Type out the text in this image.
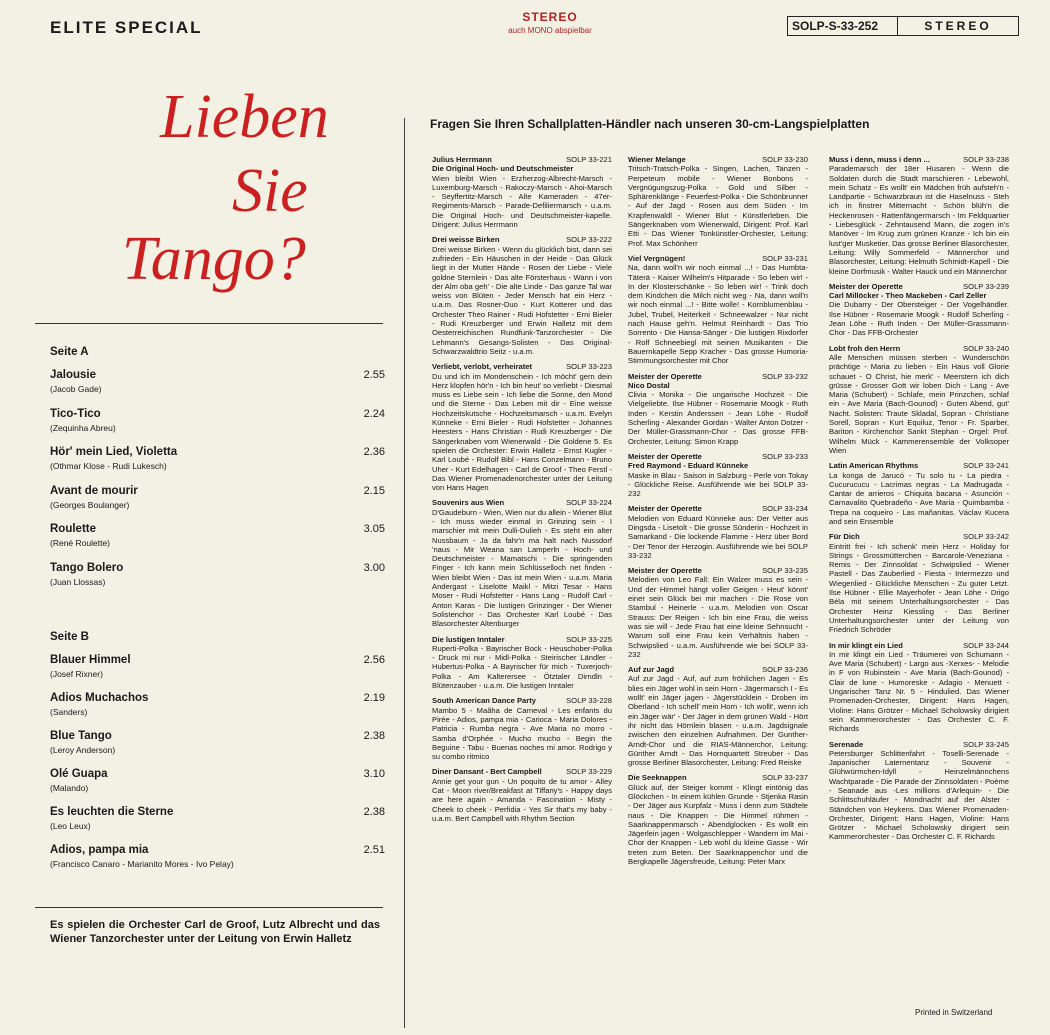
ELITE SPECIAL
STEREO
auch MONO abspielbar	SOLP-S-33-252	STEREO
Lieben
Sie
Tango?
Seite A
Jalousie	2.55
(Jacob Gade)
Tico-Tico	2.24
(Zequinha Abreu)
Hör' mein Lied, Violetta	2.36
(Othmar Klose - Rudi Lukesch)
Avant de mourir	2.15
(Georges Boulanger)
Roulette	3.05
(René Roulette)
Tango Bolero	3.00
(Juan Llossas)
Seite B
Blauer Himmel	2.56
(Josef Rixner)
Adios Muchachos	2.19
(Sanders)
Blue Tango	2.38
(Leroy Anderson)
Olé Guapa	3.10
(Malando)
Es leuchten die Sterne	2.38
(Leo Leux)
Adios, pampa mia	2.51
(Francisco Canaro - Marianito Mores - Ivo Pelay)
Es spielen die Orchester Carl de Groof, Lutz Albrecht und das Wiener Tanzorchester unter der Leitung von Erwin Halletz
Fragen Sie Ihren Schallplatten-Händler nach unseren 30-cm-Langspielplatten
Julius Herrmann	SOLP 33-221
Die Original Hoch- und Deutschmeister
Wien bleibt Wien - Erzherzog-Albrecht-Marsch - Luxemburg-Marsch - Rakoczy-Marsch - Ahoi-Marsch - Seyffertitz-Marsch - Alte Kameraden - 47er-Regiments-Marsch - Parade-Defiliermarsch - u.a.m. Die Original Hoch- und Deutschmeister-kapelle. Dirigent: Julius Herrmann
Drei weisse Birken	SOLP 33-222
Drei weisse Birken - Wenn du glücklich bist, dann sei zufrieden - Ein Häuschen in der Heide - Das Glück liegt in der Mutter Hände - Rosen der Liebe - Viele goldne Sternlein - Das alte Försterhaus - Wann i von der Alm oba geh' - Die alte Linde - Das ganze Tal war weiss von Blüten - Jeder Mensch hat ein Herz - u.a.m. Das Rosner-Duo - Kurt Kotterer und das Orchester Theo Rainer - Rudi Hofstetter - Erni Bieler - Rudi Kreuzberger und Erwin Halletz mit dem Oesterreichischen Rundfunk-Tanzorchester - Die Lehmann's Gesangs-Solisten - Das Original-Schwarzwaldtrio Seitz - u.a.m.
Verliebt, verlobt, verheiratet	SOLP 33-223
Du und ich im Mondenschein - Ich möcht' gern dein Herz klopfen hör'n - Ich bin heut' so verliebt - Diesmal muss es Liebe sein - Ich liebe die Sonne, den Mond und die Sterne - Das Leben mit dir - Eine weisse Hochzeitskutsche - Hochzeitsmarsch - u.a.m. Evelyn Künneke - Erni Bieler - Rudi Hofstetter - Johannes Heesters - Hans Christian - Rudi Kreuzberger - Die Sängerknaben vom Wienerwald - Die Goldene 5. Es spielen die Orchester: Erwin Halletz - Ernst Kugler - Karl Loubé - Rudolf Bibl - Hans Conzelmann - Bruno Uher - Kurt Edelhagen - Carl de Groof - Theo Ferstl - Das Wiener Promenadenorchester unter der Leitung von Hans Hagen
Souvenirs aus Wien	SOLP 33-224
D'Gaudeburn - Wien, Wien nur du allein - Wiener Blut - Ich muss wieder einmal in Grinzing sein - I marschier mit mein Dulli-Dulieh - Es steht ein alter Nussbaum - Ja da fahr'n ma halt nach Nussdorf 'naus - Mir Weana san Lamperln - Hoch- und Deutschmeister - Mamatschi - Die springenden Finger - Ich kann mein Schlüsselloch net finden - Wien bleibt Wien - Das ist mein Wien - u.a.m. Maria Andergast - Liselotte Maikl - Mitzi Tesar - Hans Moser - Rudi Hofstetter - Hans Lang - Rudolf Carl - Anton Karas - Die lustigen Grinzinger - Der Wiener Solistenchor - Das Orchester Karl Loubé - Das Blasorchester Altenburger
Die lustigen Inntaler	SOLP 33-225
Ruperti-Polka - Bayrischer Bock - Heuschober-Polka - Druck mi nur - Midl-Polka - Steirischer Ländler - Hubertus-Polka - A Bayrischer für mich - Tuxerjoch-Polka - Am Kalterersee - Ötztaler Dirndln - Blütenzauber - u.a.m. Die lustigen Inntaler
South American Dance Party	SOLP 33-228
Mambo 5 - Maãha de Carneval - Les enfants du Pirée - Adios, pampa mia - Carioca - Maria Dolores - Patricia - Rumba negra - Ave Maria no morro - Samba d'Orphée - Mucho mucho - Begin the Beguine - Tabu - Buenas noches mi amor. Rodrigo y su combo ritmico
Diner Dansant - Bert Campbell	SOLP 33-229
Annie get your gun - Un poquito de tu amor - Alley Cat - Moon river/Breakfast at Tiffany's - Happy days are here again - Amanda - Fascination - Misty - Cheek to cheek - Perfidia - Yes Sir that's my baby - u.a.m. Bert Campbell with Rhythm Section
Wiener Melange	SOLP 33-230
Tritsch-Tratsch-Polka - Singen, Lachen, Tanzen - Perpeteum mobile - Wiener Bonbons - Vergnügungszug-Polka - Gold und Silber - Sphärenklänge - Feuerfest-Polka - Die Schönbrunner - Auf der Jagd - Rosen aus dem Süden - Im Krapfenwaldl - Wiener Blut - Künstlerleben. Die Sängerknaben vom Wienerwald, Dirigent: Prof. Karl Etti - Das Wiener Tonkünstler-Orchester, Leitung: Prof. Max Schönherr
Viel Vergnügen!	SOLP 33-231
Na, dann woll'n wir noch einmal ...! - Das Humbta-Täterä - Kaiser Wilhelm's Hitparade - So leben wir! - In der Klosterschänke - So leben wir! - Trink doch dem Kindchen die Milch nicht weg - Na, dann woll'n wir noch einmal ...! - Bitte wolle! - Kornblumenblau - Jubel, Trubel, Heiterkeit - Schneewalzer - Nur nicht nach Hause geh'n. Helmut Reinhardt - Das Trio Sorrento - Die Hansa-Sänger - Die lustigen Rixdorfer - Rolf Schneebiegl mit seinen Musikanten - Die Bauernkapelle Sepp Kracher - Das grosse Humoria-Stimmungsorchester mit Chor
Meister der Operette	SOLP 33-232
Nico Dostal
Clivia - Monika - Die ungarische Hochzeit - Die Vielgeliebte. Ilse Hübner - Rosemarie Moogk - Ruth Inden - Kerstin Anderssen - Jean Löhe - Rudolf Scherling - Alexander Gordan - Walter Anton Dotzer - Der Müller-Grassmann-Chor - Das grosse FFB-Orchester, Leitung: Simon Krapp
Meister der Operette	SOLP 33-233
Fred Raymond - Eduard Künneke
Maske in Blau - Saison in Salzburg - Perle von Tokay - Glückliche Reise. Ausführende wie bei SOLP 33-232
Meister der Operette	SOLP 33-234
Melodien von Eduard Künneke aus: Der Vetter aus Dingsda - Lisetolt - Die grosse Sünderin - Hochzeit in Samarkand - Die lockende Flamme - Herz über Bord - Der Tenor der Herzogin. Ausführende wie bei SOLP 33-232
Meister der Operette	SOLP 33-235
Melodien von Leo Fall: Ein Walzer muss es sein - Und der Himmel hängt voller Geigen - Heut' könnt' einer sein Glück bei mir machen - Die Rose von Stambul - Heinerle - u.a.m. Melodien von Oscar Strauss: Der Reigen - Ich bin eine Frau, die weiss was sie will - Jede Frau hat eine kleine Sehnsucht - Warum soll eine Frau kein Verhältnis haben - Schwipslied - u.a.m. Ausführende wie bei SOLP 33-232
Auf zur Jagd	SOLP 33-236
Auf zur Jagd - Auf, auf zum fröhlichen Jagen - Es blies ein Jäger wohl in sein Horn - Jägermarsch I - Es wollt' ein Jäger jagen - Jägerstücklein - Droben im Oberland - Ich schell' mein Horn - Ich wollt', wenn ich ein Jäger wär' - Der Jäger in dem grünen Wald - Hört ihr nicht das Hörnlein blasen - u.a.m. Jagdsignale zwischen den einzelnen Aufnahmen. Der Gunther-Arndt-Chor und die RIAS-Männerchor, Leitung: Günther Arndt - Das Hornquartett Streuber - Das grosse Berliner Blasorchester, Leitung: Fred Reiske
Die Seeknappen	SOLP 33-237
Glück auf, der Steiger kommt - Klingt eintönig das Glöckchen - In einem kühlen Grunde - Stjenka Rasin - Der Jäger aus Kurpfalz - Muss i denn zum Städtele naus - Die Knappen - Die Himmel rühmen - Saarknappenmarsch - Abendglocken - Es wollt ein Jägerlein jagen - Wolgaschlepper - Wandern im Mai - Chor der Knappen - Leb wohl du kleine Gasse - Wir treten zum Beten. Der Saarknappenchor und die Bergkapelle Jägersfreude, Leitung: Peter Marx
Muss i denn, muss i denn ...	SOLP 33-238
Parademarsch der 18er Husaren - Wenn die Soldaten durch die Stadt marschieren - Lebewohl, mein Schatz - Es wollt' ein Mädchen früh aufsteh'n - Landpartie - Schwarzbraun ist die Haselnuss - Steh ich in finstrer Mitternacht - Schön blüh'n die Heckenrosen - Rattenfängermarsch - Im Feldquartier - Liebesglück - Zehntausend Mann, die zogen in's Manöver - Im Krug zum grünen Kranze - Ich bin ein lust'ger Musketier. Das grosse Berliner Blasorchester, Leitung: Willy Sommerfeld - Männerchor und Blasorchester, Leitung: Helmuth Schmidt-Kapell - Die kleine Dorfmusik - Walter Hauck und ein Männerchor
Meister der Operette	SOLP 33-239
Carl Millöcker - Theo Mackeben - Carl Zeller
Die Dubarry - Der Obersteiger - Der Vogelhändler. Ilse Hübner - Rosemarie Moogk - Rudolf Scherling - Jean Löhe - Ruth Inden - Der Müller-Grassmann-Chor - Das FFB-Orchester
Lobt froh den Herrn	SOLP 33-240
Alle Menschen müssen sterben - Wunderschön prächtige - Maria zu lieben - Ein Haus voll Glorie schauet - O Christ, hie merk' - Meerstern ich dich grüsse - Grosser Gott wir loben Dich - Lang - Ave Maria (Schubert) - Schlafe, mein Prinzchen, schlaf ein - Ave Maria (Bach-Gounod) - Guten Abend, gut' Nacht. Solisten: Traute Skladal, Sopran - Christiane Sorell, Sopran - Kurt Equiluz, Tenor - Fr. Sparber, Bariton - Kirchenchor Sankt Stephan - Orgel: Prof. Wilhelm Mück - Kammerensemble der Volksoper Wien
Latin American Rhythms	SOLP 33-241
La konga de Jarucó - Tu solo tu - La piedra - Cucurucucu - Lacrimas negras - La Madrugada - Cantar de arrieros - Chiquita bacana - Asunción - Carnavalito Quebradeño - Ave Maria - Quimbamba - Trepa na coqueiro - Las mañanitas. Václav Kucera and sein Ensemble
Für Dich	SOLP 33-242
Eintritt frei - Ich schenk' mein Herz - Holiday for Strings - Grossmütterchen - Barcarole-Veneziana - Remis - Der Zinnsoldat - Schwipslied - Wiener Pastell - Das Zauberlied - Fiesta - Intermezzo und Wiegenlied - Glückliche Menschen - Zu guter Letzt. Ilse Hübner - Ellie Mayerhofer - Jean Löhe - Drigo Béla mit seinem Unterhaltungsorchester - Das Orchester Heinz Kiessling - Das Berliner Unterhaltungsorchester unter der Leitung von Friedrich Schröder
In mir klingt ein Lied	SOLP 33-244
In mir klingt ein Lied - Träumerei von Schumann - Ave Maria (Schubert) - Largo aus -Xerxes- - Melodie in F von Rubinstein - Ave Maria (Bach-Gounod) - Clair de lune - Humoreske - Adagio - Menuett - Ungarischer Tanz Nr. 5 - Hindulied. Das Wiener Promenaden-Orchester, Dirigent: Hans Hagen, Violine: Hans Grötzer - Michael Scholowsky dirigiert sein Kammerorchester - Das Orchester C. F. Richards
Serenade	SOLP 33-245
Petersburger Schlittenfahrt - Toselli-Serenade - Japanischer Laternentanz - Souvenir - Glühwürmchen-Idyll - Heinzelmännchens Wachtparade - Die Parade der Zinnsoldaten - Poème - Seanade aus -Les millions d'Arlequin- - Die Schlittschuhläufer - Mondnacht auf der Alster - Ständchen von Heykens. Das Wiener Promenaden-Orchester, Dirigent: Hans Hagen, Violine: Hans Grötzer - Michael Scholowsky dirigiert sein Kammerorchester - Das Orchester C. F. Richards
Printed in Switzerland
